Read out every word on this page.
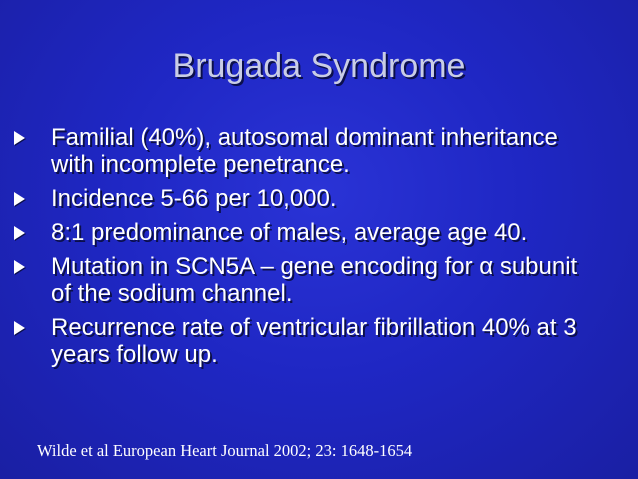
Brugada Syndrome
Familial (40%), autosomal dominant inheritance with incomplete penetrance.
Incidence 5-66 per 10,000.
8:1 predominance of males, average age 40.
Mutation in SCN5A – gene encoding for α subunit of the sodium channel.
Recurrence rate of ventricular fibrillation 40% at 3 years follow up.
Wilde et al European Heart Journal 2002; 23: 1648-1654
